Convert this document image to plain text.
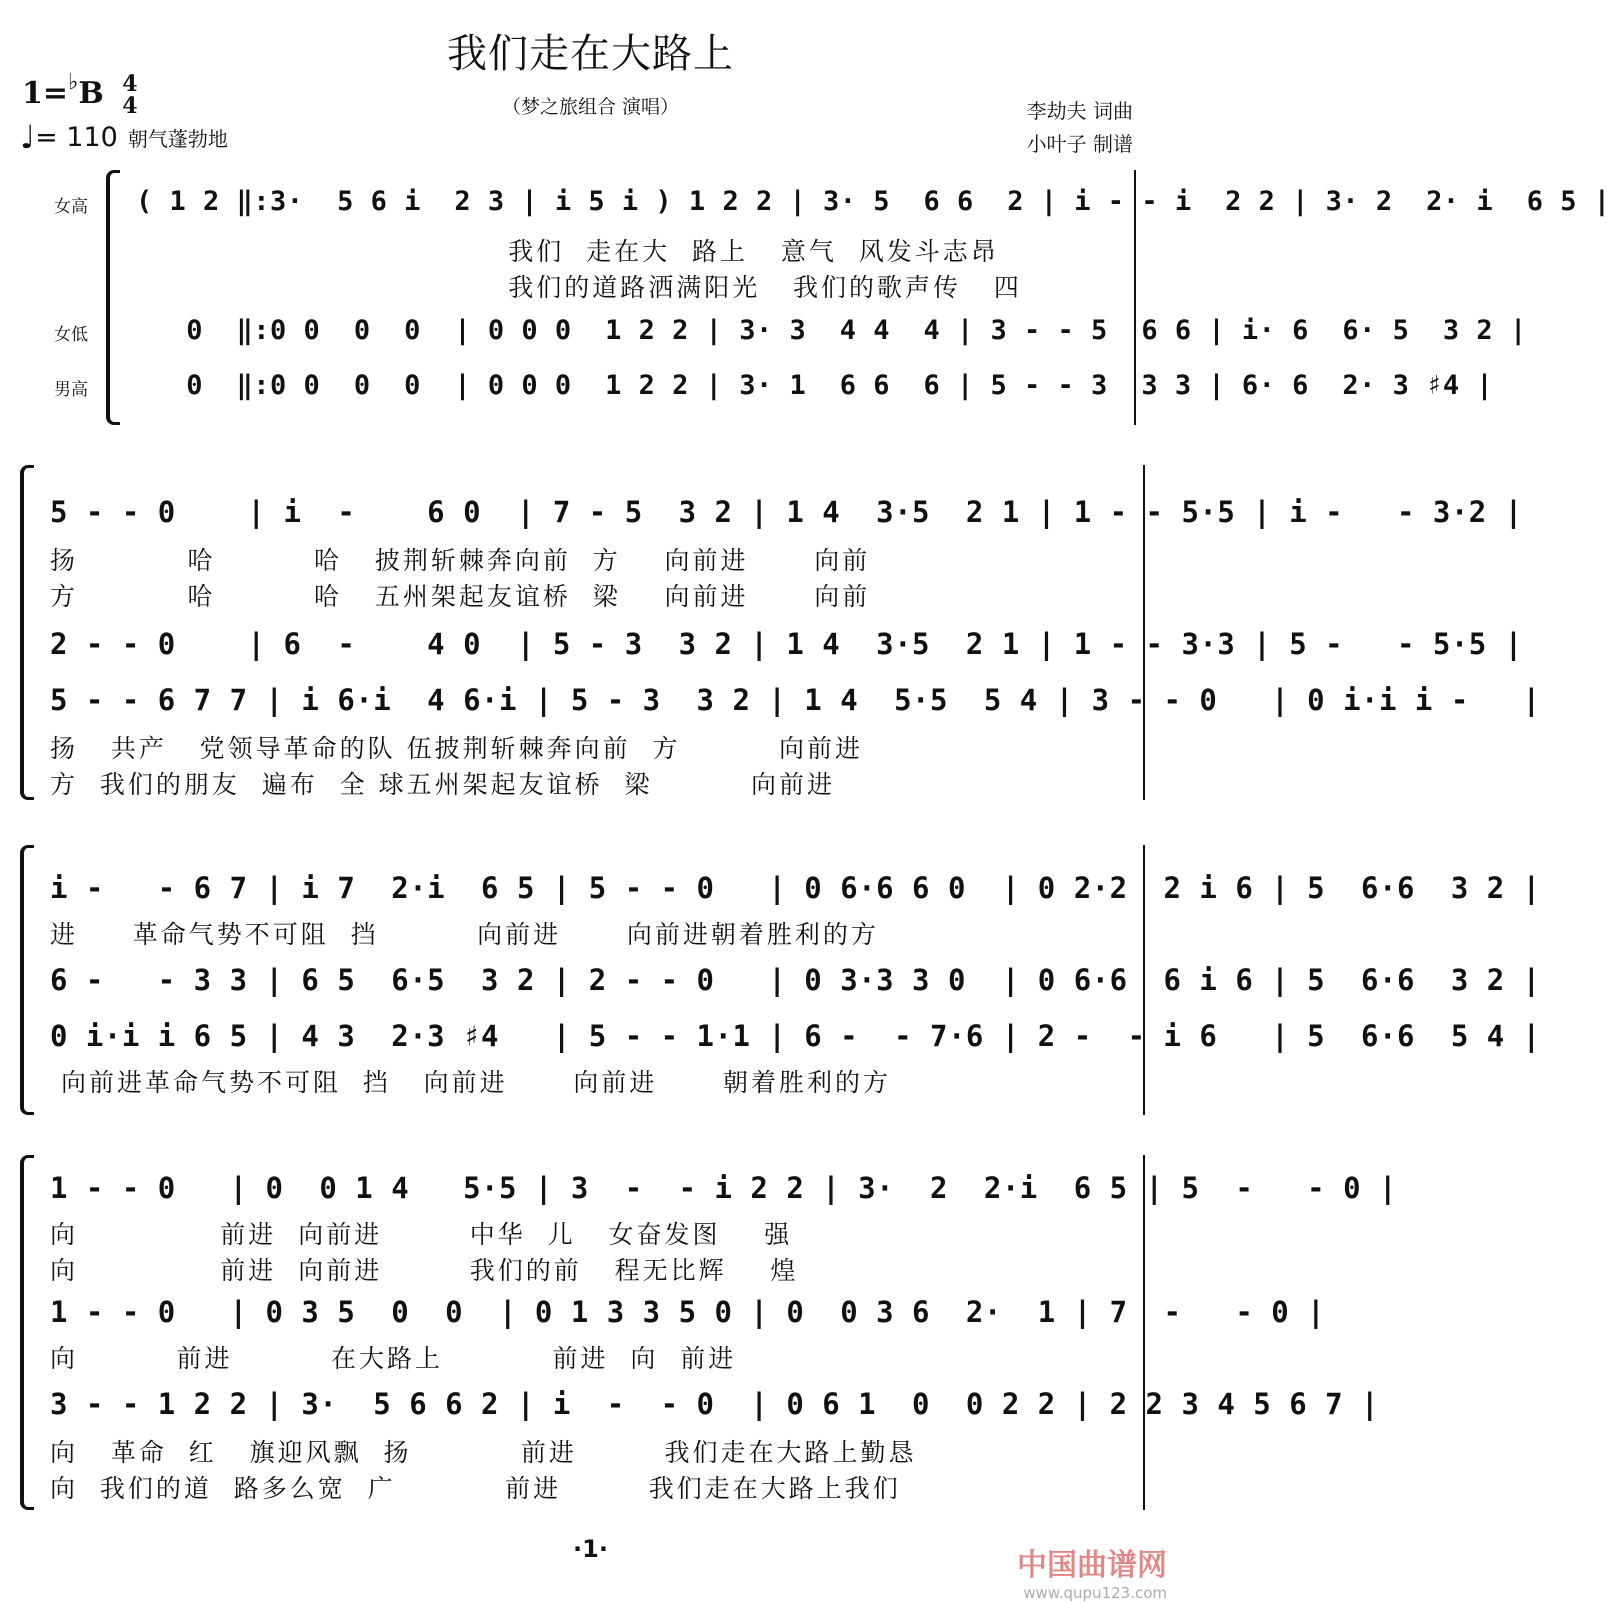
我们走在大路上
（梦之旅组合 演唱）
1=♭B 4
4
♩= 110 朝气蓬勃地
李劫夫 词曲
小叶子 制谱
女高
女低
男高
( 1 2 ‖:3·  5 6 i  2 3 | i 5 i ) 1 2 2 | 3· 5  6 6  2 | i - - i  2 2 | 3· 2  2· i  6 5 |
我们  走在大  路上   意气  风发斗志昂
我们的道路洒满阳光   我们的歌声传   四
0  ‖:0 0  0  0  | 0 0 0  1 2 2 | 3· 3  4 4  4 | 3 - - 5  6 6 | i· 6  6· 5  3 2 |
0  ‖:0 0  0  0  | 0 0 0  1 2 2 | 3· 1  6 6  6 | 5 - - 3  3 3 | 6· 6  2· 3 ♯4 |
5 - - 0    | i  -    6 0  | 7 - 5  3 2 | 1 4  3·5  2 1 | 1 - - 5·5 | i -   - 3·2 |
扬          哈         哈   披荆斩棘奔向前  方    向前进      向前
方          哈         哈   五州架起友谊桥  梁    向前进      向前
2 - - 0    | 6  -    4 0  | 5 - 3  3 2 | 1 4  3·5  2 1 | 1 - - 3·3 | 5 -   - 5·5 |
5 - - 6 7 7 | i 6·i  4 6·i | 5 - 3  3 2 | 1 4  5·5  5 4 | 3 - - 0   | 0 i·i i -   |
扬   共产   党领导革命的队 伍披荆斩棘奔向前  方         向前进
方  我们的朋友  遍布  全 球五州架起友谊桥  梁         向前进
i -   - 6 7 | i 7  2·i  6 5 | 5 - - 0   | 0 6·6 6 0  | 0 2·2  2 i 6 | 5  6·6  3 2 |
进     革命气势不可阻  挡         向前进      向前进朝着胜利的方
6 -   - 3 3 | 6 5  6·5  3 2 | 2 - - 0   | 0 3·3 3 0  | 0 6·6  6 i 6 | 5  6·6  3 2 |
0 i·i i 6 5 | 4 3  2·3 ♯4   | 5 - - 1·1 | 6 -  - 7·6 | 2 -  - i 6   | 5  6·6  5 4 |
向前进革命气势不可阻  挡   向前进      向前进      朝着胜利的方
1 - - 0   | 0  0 1 4   5·5 | 3  -  - i 2 2 | 3·  2  2·i  6 5 | 5  -   - 0 |
向             前进  向前进        中华  儿   女奋发图    强
向             前进  向前进        我们的前   程无比辉    煌
1 - - 0   | 0 3 5  0  0  | 0 1 3 3 5 0 | 0  0 3 6  2·  1 | 7  -   - 0 |
向         前进         在大路上          前进  向  前进
3 - - 1 2 2 | 3·  5 6 6 2 | i  -  - 0  | 0 6 1  0  0 2 2 | 2 2 3 4 5 6 7 |
向   革命  红   旗迎风飘  扬          前进        我们走在大路上勤恳
向  我们的道  路多么宽  广          前进        我们走在大路上我们
·1·	中国曲谱网
www.qupu123.com
